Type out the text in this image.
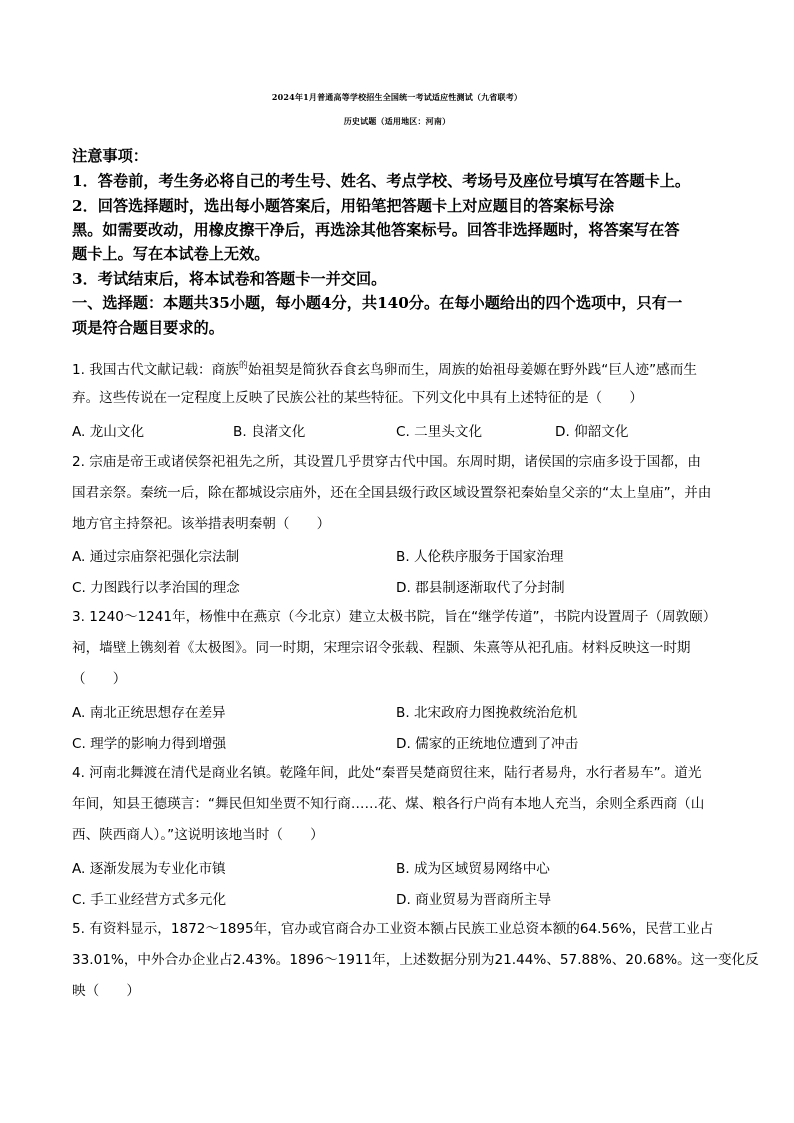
2024年1月普通高等学校招生全国统一考试适应性测试（九省联考）
历史试题（适用地区：河南）
注意事项：
1．答卷前，考生务必将自己的考生号、姓名、考点学校、考场号及座位号填写在答题卡上。
2．回答选择题时，选出每小题答案后，用铅笔把答题卡上对应题目的答案标号涂
黑。如需要改动，用橡皮擦干净后，再选涂其他答案标号。回答非选择题时，将答案写在答
题卡上。写在本试卷上无效。
3．考试结束后，将本试卷和答题卡一并交回。
一、选择题：本题共35小题，每小题4分，共140分。在每小题给出的四个选项中，只有一
项是符合题目要求的。
1. 我国古代文献记载：商族$^的$始祖契是简狄吞食玄鸟卵而生，周族的始祖母姜嫄在野外践“巨人迹”感而生
弃。这些传说在一定程度上反映了民族公社的某些特征。下列文化中具有上述特征的是（　　）
A. 龙山文化	B. 良渚文化	C. 二里头文化	D. 仰韶文化
2. 宗庙是帝王或诸侯祭祀祖先之所，其设置几乎贯穿古代中国。东周时期，诸侯国的宗庙多设于国都，由
国君亲祭。秦统一后，除在都城设宗庙外，还在全国县级行政区域设置祭祀秦始皇父亲的“太上皇庙”，并由
地方官主持祭祀。该举措表明秦朝（　　）
A. 通过宗庙祭祀强化宗法制	B. 人伦秩序服务于国家治理
C. 力图践行以孝治国的理念	D. 郡县制逐渐取代了分封制
3. 1240～1241年，杨惟中在燕京（今北京）建立太极书院，旨在“继学传道”，书院内设置周子（周敦颐）
祠，墙壁上镌刻着《太极图》。同一时期，宋理宗诏令张载、程颢、朱熹等从祀孔庙。材料反映这一时期
（　　）
A. 南北正统思想存在差异	B. 北宋政府力图挽救统治危机
C. 理学的影响力得到增强	D. 儒家的正统地位遭到了冲击
4. 河南北舞渡在清代是商业名镇。乾隆年间，此处“秦晋吴楚商贸往来，陆行者易舟，水行者易车”。道光
年间，知县王德瑛言：“舞民但知坐贾不知行商……花、煤、粮各行户尚有本地人充当，余则全系西商（山
西、陕西商人）。”这说明该地当时（　　）
A. 逐渐发展为专业化市镇	B. 成为区域贸易网络中心
C. 手工业经营方式多元化	D. 商业贸易为晋商所主导
5. 有资料显示，1872～1895年，官办或官商合办工业资本额占民族工业总资本额的64.56%，民营工业占
33.01%，中外合办企业占2.43%。1896～1911年，上述数据分别为21.44%、57.88%、20.68%。这一变化反
映（　　）
